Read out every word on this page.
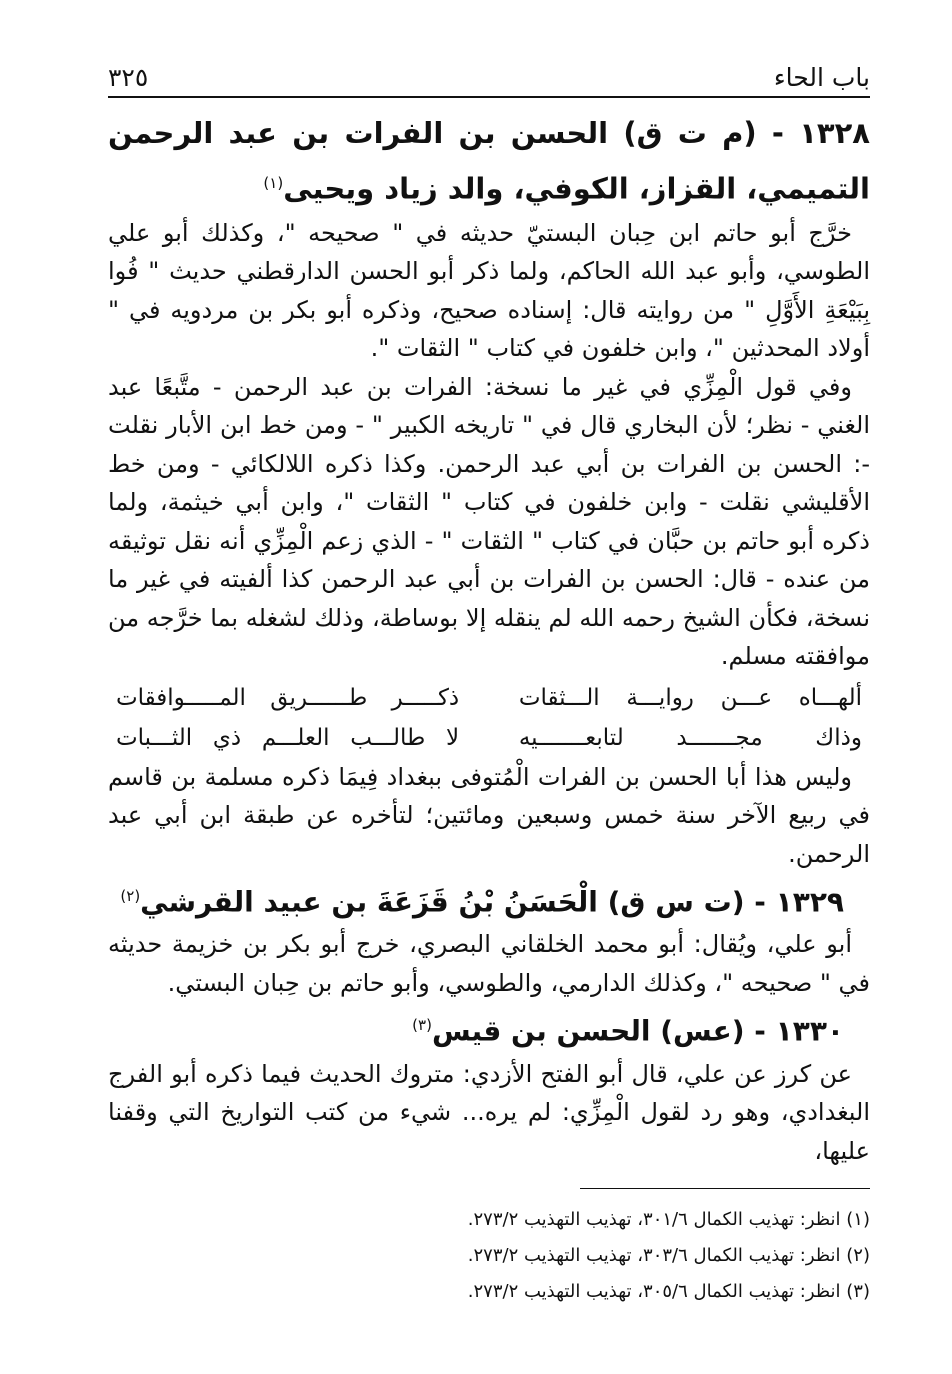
باب الحاء
٣٢٥
١٣٢٨ - (م ت ق) الحسن بن الفرات بن عبد الرحمن التميمي، القزاز، الكوفي، والد زياد ويحيى$^{(١)}$

خرَّج أبو حاتم ابن حِبان البستيّ حديثه في " صحيحه "، وكذلك أبو علي الطوسي، وأبو عبد الله الحاكم، ولما ذكر أبو الحسن الدارقطني حديث " فُوا بِبَيْعَةِ الأَوَّلِ " من روايته قال: إسناده صحيح، وذكره أبو بكر بن مردويه في " أولاد المحدثين "، وابن خلفون في كتاب " الثقات ".

وفي قول الْمِزِّي في غير ما نسخة: الفرات بن عبد الرحمن - متَّبعًا عبد الغني - نظر؛ لأن البخاري قال في " تاريخه الكبير " - ومن خط ابن الأبار نقلت -: الحسن بن الفرات بن أبي عبد الرحمن. وكذا ذكره اللالكائي - ومن خط الأقليشي نقلت - وابن خلفون في كتاب " الثقات "، وابن أبي خيثمة، ولما ذكره أبو حاتم بن حبَّان في كتاب " الثقات " - الذي زعم الْمِزِّي أنه نقل توثيقه من عنده - قال: الحسن بن الفرات بن أبي عبد الرحمن كذا ألفيته في غير ما نسخة، فكأن الشيخ رحمه الله لم ينقله إلا بوساطة، وذلك لشغله بما خرَّجه من موافقته مسلم.

ألهـــاه عـــن روايـــة الـــثقات
ذكـــــر طــــــريق المـــــوافقات
وذاك مجـــــــد لتابعـــــــيه
لا طالـــب العلـــم ذي الثـــبات

وليس هذا أبا الحسن بن الفرات الْمُتوفى ببغداد فِيمَا ذكره مسلمة بن قاسم في ربيع الآخر سنة خمس وسبعين ومائتين؛ لتأخره عن طبقة ابن أبي عبد الرحمن.

١٣٢٩ - (ت س ق) الْحَسَنُ بْنُ قَزَعَةَ بن عبيد القرشي$^{(٢)}$

أبو علي، ويُقال: أبو محمد الخلقاني البصري، خرج أبو بكر بن خزيمة حديثه في " صحيحه "، وكذلك الدارمي، والطوسي، وأبو حاتم بن حِبان البستي.

١٣٣٠ - (عس) الحسن بن قيس$^{(٣)}$

عن كرز عن علي، قال أبو الفتح الأزدي: متروك الحديث فيما ذكره أبو الفرج البغدادي، وهو رد لقول الْمِزِّي: لم يره... شيء من كتب التواريخ التي وقفنا عليها،

(١) انظر: تهذيب الكمال ٣٠١/٦، تهذيب التهذيب ٢٧٣/٢.

(٢) انظر: تهذيب الكمال ٣٠٣/٦، تهذيب التهذيب ٢٧٣/٢.

(٣) انظر: تهذيب الكمال ٣٠٥/٦، تهذيب التهذيب ٢٧٣/٢.
